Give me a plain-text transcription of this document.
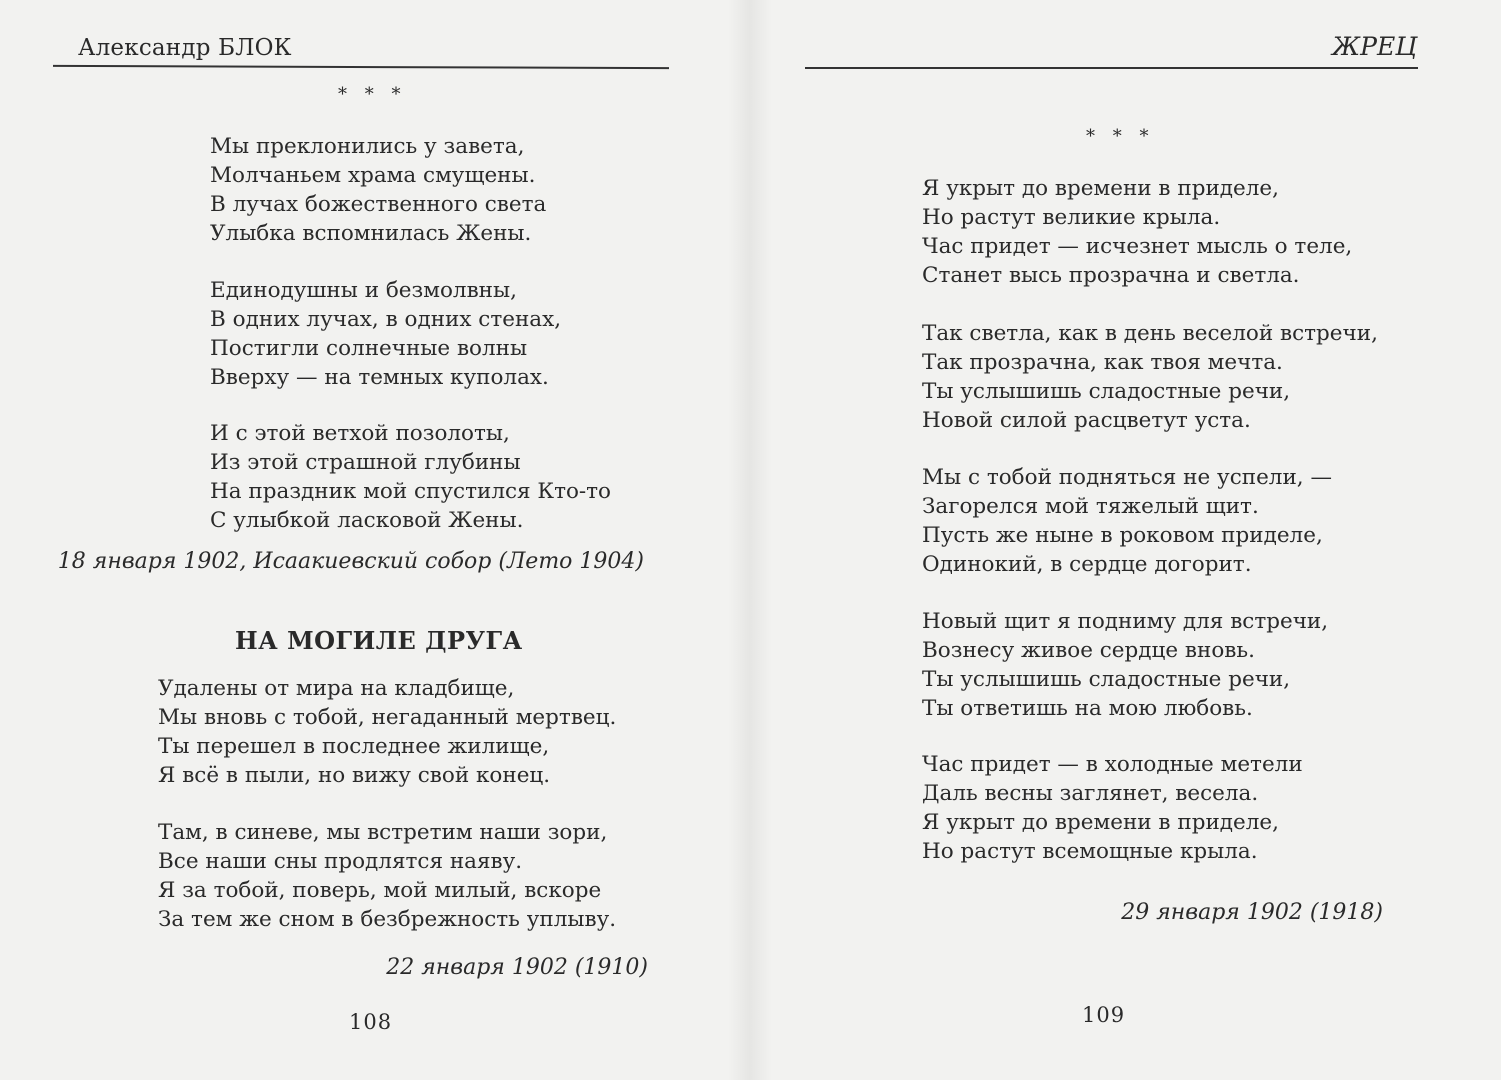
Александр БЛОК
* * *
Мы преклонились у завета,
Молчаньем храма смущены.
В лучах божественного света
Улыбка вспомнилась Жены.
Единодушны и безмолвны,
В одних лучах, в одних стенах,
Постигли солнечные волны
Вверху — на темных куполах.
И с этой ветхой позолоты,
Из этой страшной глубины
На праздник мой спустился Кто-то
С улыбкой ласковой Жены.
18 января 1902, Исаакиевский собор (Лето 1904)
НА МОГИЛЕ ДРУГА
Удалены от мира на кладбище,
Мы вновь с тобой, негаданный мертвец.
Ты перешел в последнее жилище,
Я всё в пыли, но вижу свой конец.
Там, в синеве, мы встретим наши зори,
Все наши сны продлятся наяву.
Я за тобой, поверь, мой милый, вскоре
За тем же сном в безбрежность уплыву.
22 января 1902 (1910)
108
ЖРЕЦ
* * *
Я укрыт до времени в приделе,
Но растут великие крыла.
Час придет — исчезнет мысль о теле,
Станет высь прозрачна и светла.
Так светла, как в день веселой встречи,
Так прозрачна, как твоя мечта.
Ты услышишь сладостные речи,
Новой силой расцветут уста.
Мы с тобой подняться не успели, —
Загорелся мой тяжелый щит.
Пусть же ныне в роковом приделе,
Одинокий, в сердце догорит.
Новый щит я подниму для встречи,
Вознесу живое сердце вновь.
Ты услышишь сладостные речи,
Ты ответишь на мою любовь.
Час придет — в холодные метели
Даль весны заглянет, весела.
Я укрыт до времени в приделе,
Но растут всемощные крыла.
29 января 1902 (1918)
109
